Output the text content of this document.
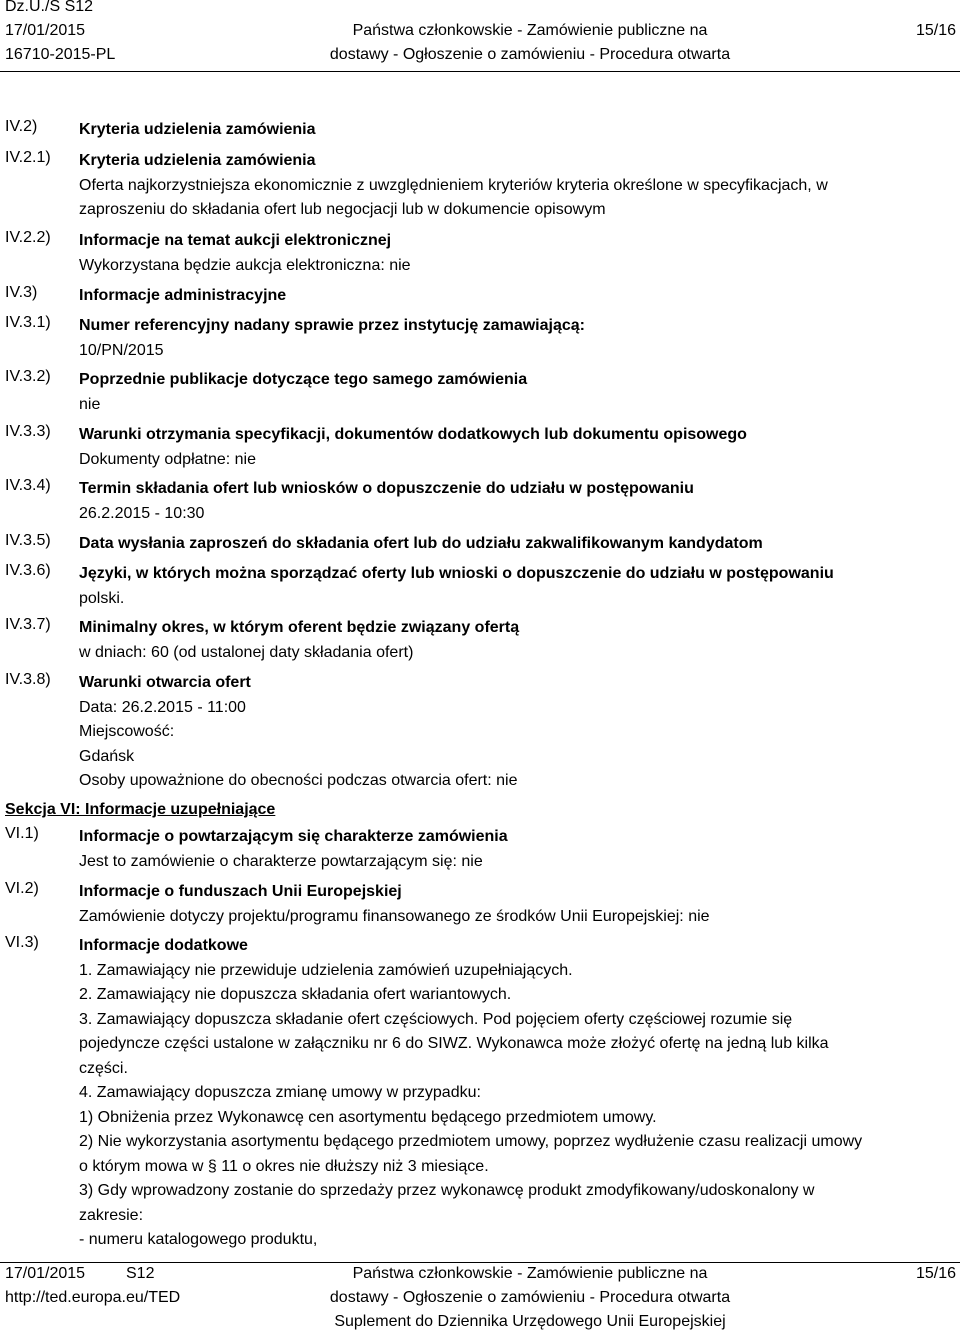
Dz.U./S S12
17/01/2015
16710-2015-PL
Państwa członkowskie - Zamówienie publiczne na
dostawy - Ogłoszenie o zamówieniu - Procedura otwarta
15/16
IV.2)	Kryteria udzielenia zamówienia
IV.2.1) Kryteria udzielenia zamówienia
Oferta najkorzystniejsza ekonomicznie z uwzględnieniem kryteriów kryteria określone w specyfikacjach, w
zaproszeniu do składania ofert lub negocjacji lub w dokumencie opisowym
IV.2.2) Informacje na temat aukcji elektronicznej
Wykorzystana będzie aukcja elektroniczna: nie
IV.3)	Informacje administracyjne
IV.3.1) Numer referencyjny nadany sprawie przez instytucję zamawiającą:
10/PN/2015
IV.3.2) Poprzednie publikacje dotyczące tego samego zamówienia
nie
IV.3.3) Warunki otrzymania specyfikacji, dokumentów dodatkowych lub dokumentu opisowego
Dokumenty odpłatne: nie
IV.3.4) Termin składania ofert lub wniosków o dopuszczenie do udziału w postępowaniu
26.2.2015 - 10:30
IV.3.5) Data wysłania zaproszeń do składania ofert lub do udziału zakwalifikowanym kandydatom
IV.3.6) Języki, w których można sporządzać oferty lub wnioski o dopuszczenie do udziału w postępowaniu
polski.
IV.3.7) Minimalny okres, w którym oferent będzie związany ofertą
w dniach: 60 (od ustalonej daty składania ofert)
IV.3.8) Warunki otwarcia ofert
Data: 26.2.2015 - 11:00
Miejscowość:
Gdańsk
Osoby upoważnione do obecności podczas otwarcia ofert: nie
Sekcja VI: Informacje uzupełniające
VI.1)	Informacje o powtarzającym się charakterze zamówienia
Jest to zamówienie o charakterze powtarzającym się: nie
VI.2)	Informacje o funduszach Unii Europejskiej
Zamówienie dotyczy projektu/programu finansowanego ze środków Unii Europejskiej: nie
VI.3)	Informacje dodatkowe
1. Zamawiający nie przewiduje udzielenia zamówień uzupełniających.
2. Zamawiający nie dopuszcza składania ofert wariantowych.
3. Zamawiający dopuszcza składanie ofert częściowych. Pod pojęciem oferty częściowej rozumie się
pojedyncze części ustalone w załączniku nr 6 do SIWZ. Wykonawca może złożyć ofertę na jedną lub kilka
części.
4. Zamawiający dopuszcza zmianę umowy w przypadku:
1) Obniżenia przez Wykonawcę cen asortymentu będącego przedmiotem umowy.
2) Nie wykorzystania asortymentu będącego przedmiotem umowy, poprzez wydłużenie czasu realizacji umowy
o którym mowa w § 11 o okres nie dłuższy niż 3 miesiące.
3) Gdy wprowadzony zostanie do sprzedaży przez wykonawcę produkt zmodyfikowany/udoskonalony w
zakresie:
- numeru katalogowego produktu,
17/01/2015	S12
http://ted.europa.eu/TED
Państwa członkowskie - Zamówienie publiczne na
dostawy - Ogłoszenie o zamówieniu - Procedura otwarta
Suplement do Dziennika Urzędowego Unii Europejskiej
15/16
